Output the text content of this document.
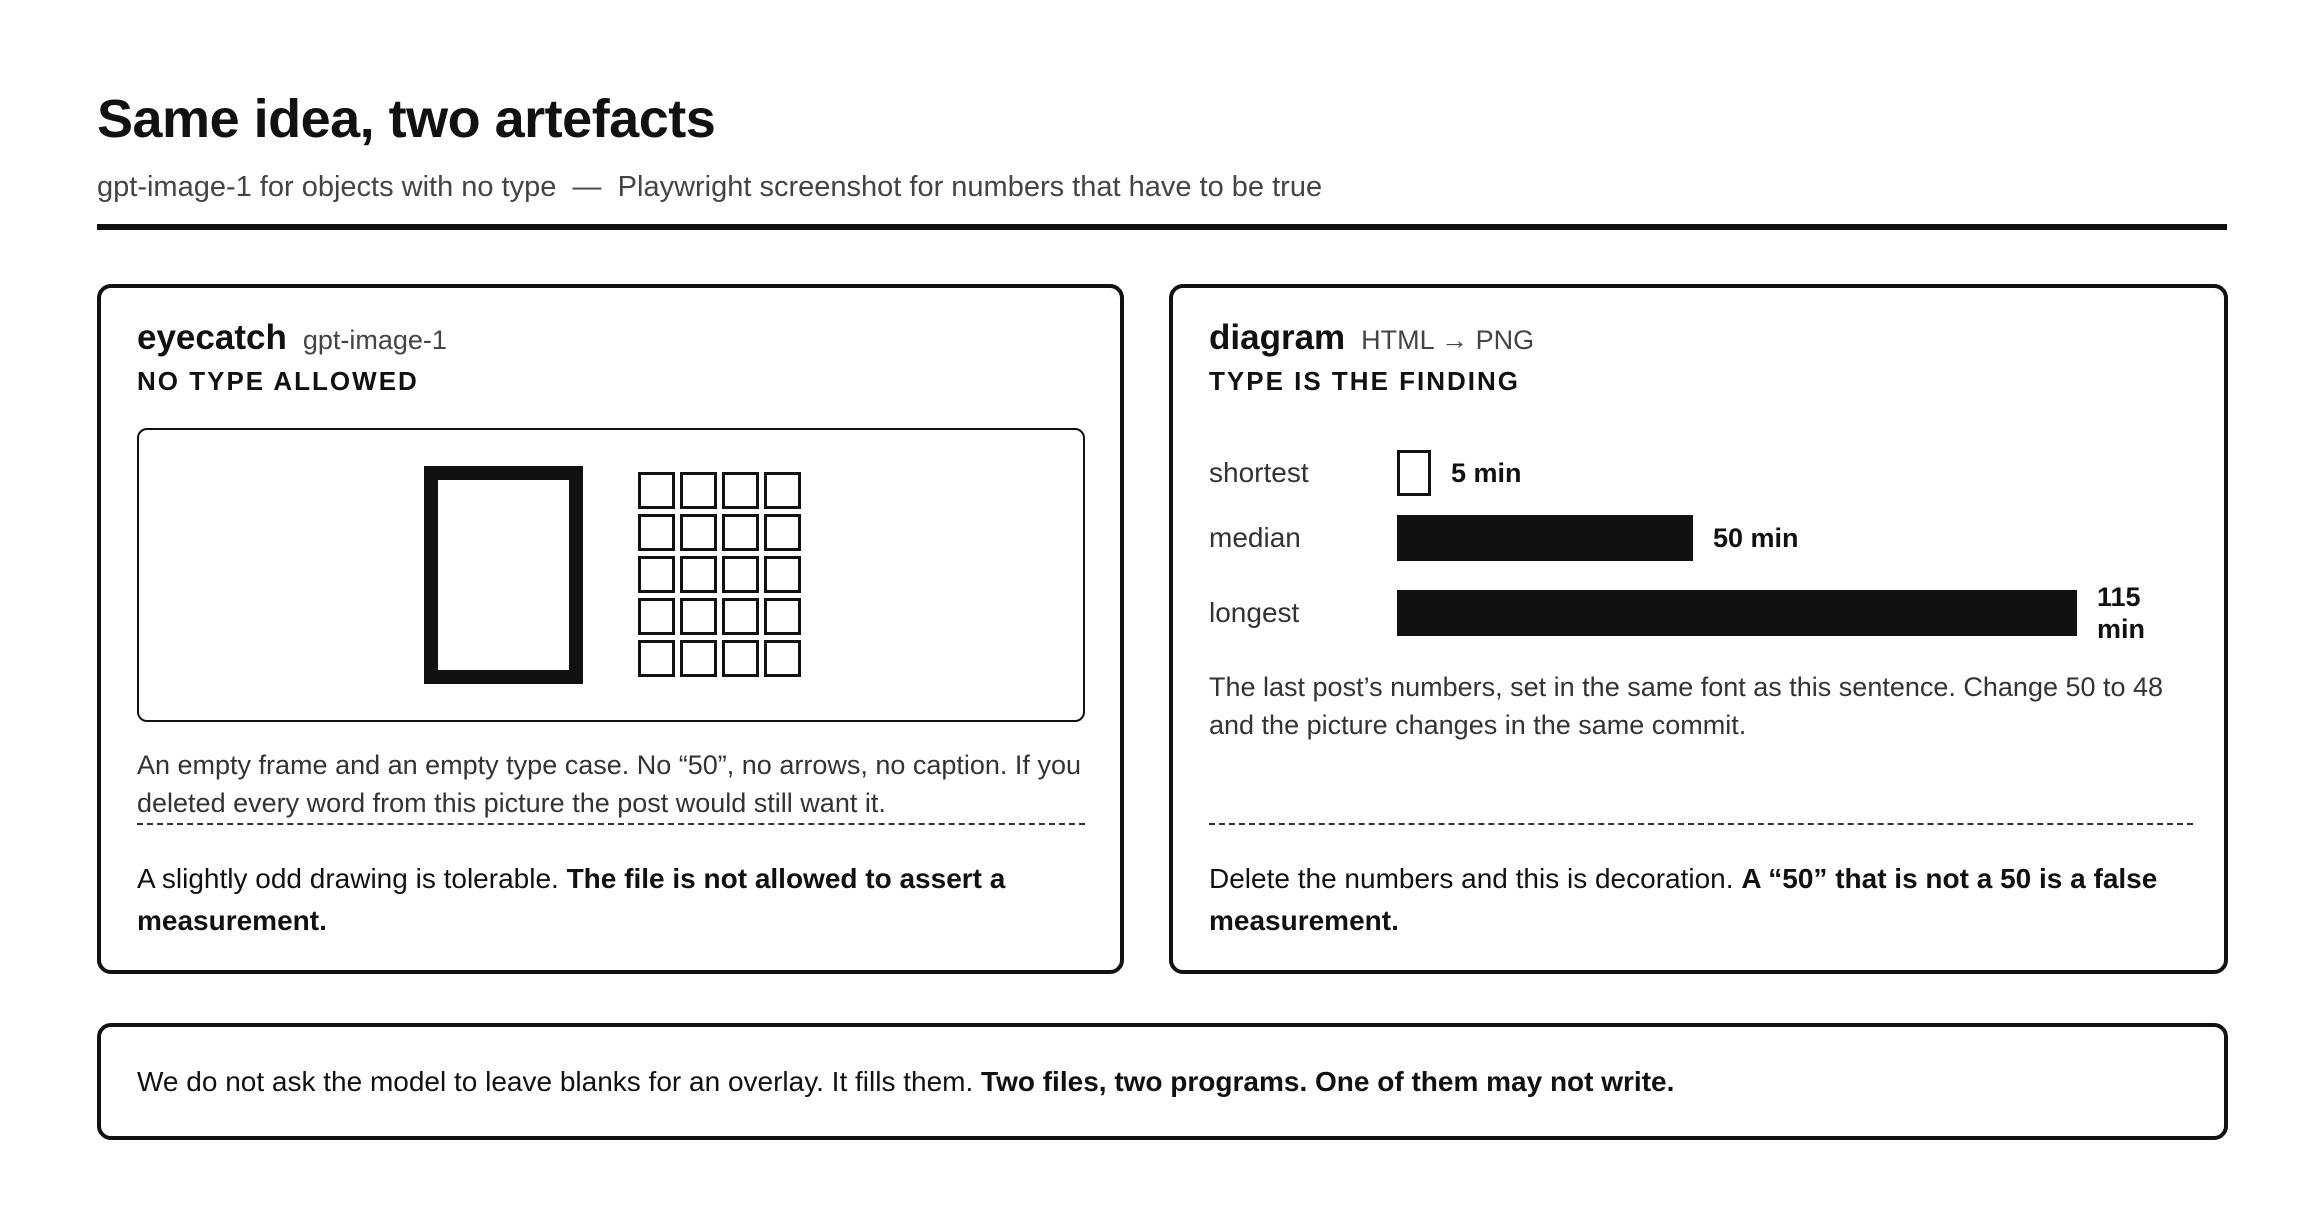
Same idea, two artefacts
gpt-image-1 for objects with no type — Playwright screenshot for numbers that have to be true
eyecatch gpt-image-1
NO TYPE ALLOWED
An empty frame and an empty type case. No “50”, no arrows, no caption. If you deleted every word from this picture the post would still want it.
A slightly odd drawing is tolerable. The file is not allowed to assert a measurement.
diagram HTML → PNG
TYPE IS THE FINDING
shortest	5 min
median	50 min
longest	115 min
The last post’s numbers, set in the same font as this sentence. Change 50 to 48 and the picture changes in the same commit.
Delete the numbers and this is decoration. A “50” that is not a 50 is a false measurement.
We do not ask the model to leave blanks for an overlay. It fills them. Two files, two programs. One of them may not write.
